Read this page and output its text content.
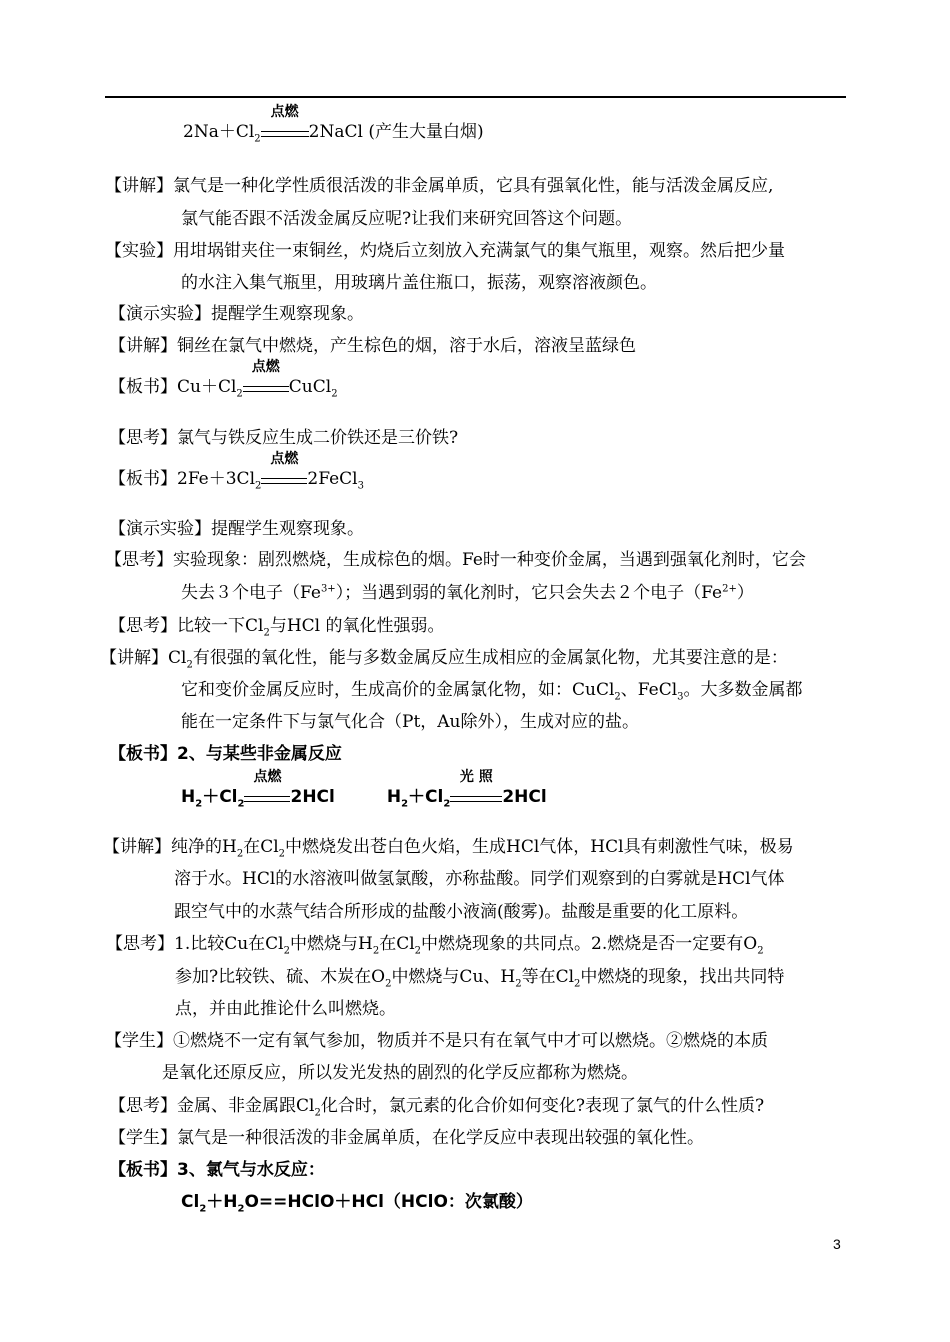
$2Na+Cl_2$
点燃
2NaCl (产生大量白烟)
【讲解】氯气是一种化学性质很活泼的非金属单质，它具有强氧化性，能与活泼金属反应,
氯气能否跟不活泼金属反应呢?让我们来研究回答这个问题。
【实验】用坩埚钳夹住一束铜丝，灼烧后立刻放入充满氯气的集气瓶里，观察。然后把少量
的水注入集气瓶里，用玻璃片盖住瓶口，振荡，观察溶液颜色。
【演示实验】提醒学生观察现象。
【讲解】铜丝在氯气中燃烧，产生棕色的烟，溶于水后，溶液呈蓝绿色
【板书】$Cu+Cl_2$
点燃
CuCl$_2$
【思考】氯气与铁反应生成二价铁还是三价铁?
【板书】$2Fe+3Cl_2$
点燃
2FeCl$_3$
【演示实验】提醒学生观察现象。
【思考】实验现象：剧烈燃烧，生成棕色的烟。Fe时一种变价金属，当遇到强氧化剂时，它会
失去３个电子$(Fe^{3+})$；当遇到弱的氧化剂时，它只会失去２个电子$(Fe^{2+})$
【思考】比较一下$Cl_2$与HCl 的氧化性强弱。
【讲解】$Cl_2$有很强的氧化性，能与多数金属反应生成相应的金属氯化物，尤其要注意的是：
它和变价金属反应时，生成高价的金属氯化物，如：CuCl$_2$、FeCl$_3$。大多数金属都
能在一定条件下与氯气化合（Pt，Au除外），生成对应的盐。
【板书】2、与某些非金属反应
$H_2+Cl_2$
点燃
2HCl	$H_2+Cl_2$
光 照
2HCl
【讲解】纯净的$H_2$在$Cl_2$中燃烧发出苍白色火焰，生成HCl气体，HCl具有刺激性气味，极易
溶于水。HCl的水溶液叫做氢氯酸，亦称盐酸。同学们观察到的白雾就是HCl气体
跟空气中的水蒸气结合所形成的盐酸小液滴(酸雾)。盐酸是重要的化工原料。
【思考】1.比较Cu在$Cl_2$中燃烧与$H_2$在$Cl_2$中燃烧现象的共同点。2.燃烧是否一定要有$O_2$
参加?比较铁、硫、木炭在$O_2$中燃烧与Cu、$H_2$等在$Cl_2$中燃烧的现象，找出共同特
点，并由此推论什么叫燃烧。
【学生】①燃烧不一定有氧气参加，物质并不是只有在氧气中才可以燃烧。②燃烧的本质
是氧化还原反应，所以发光发热的剧烈的化学反应都称为燃烧。
【思考】金属、非金属跟$Cl_2$化合时，氯元素的化合价如何变化?表现了氯气的什么性质?
【学生】氯气是一种很活泼的非金属单质，在化学反应中表现出较强的氧化性。
【板书】3、氯气与水反应：
$Cl_2+H_2O==HClO+HCl(HClO$：次氯酸）
3
